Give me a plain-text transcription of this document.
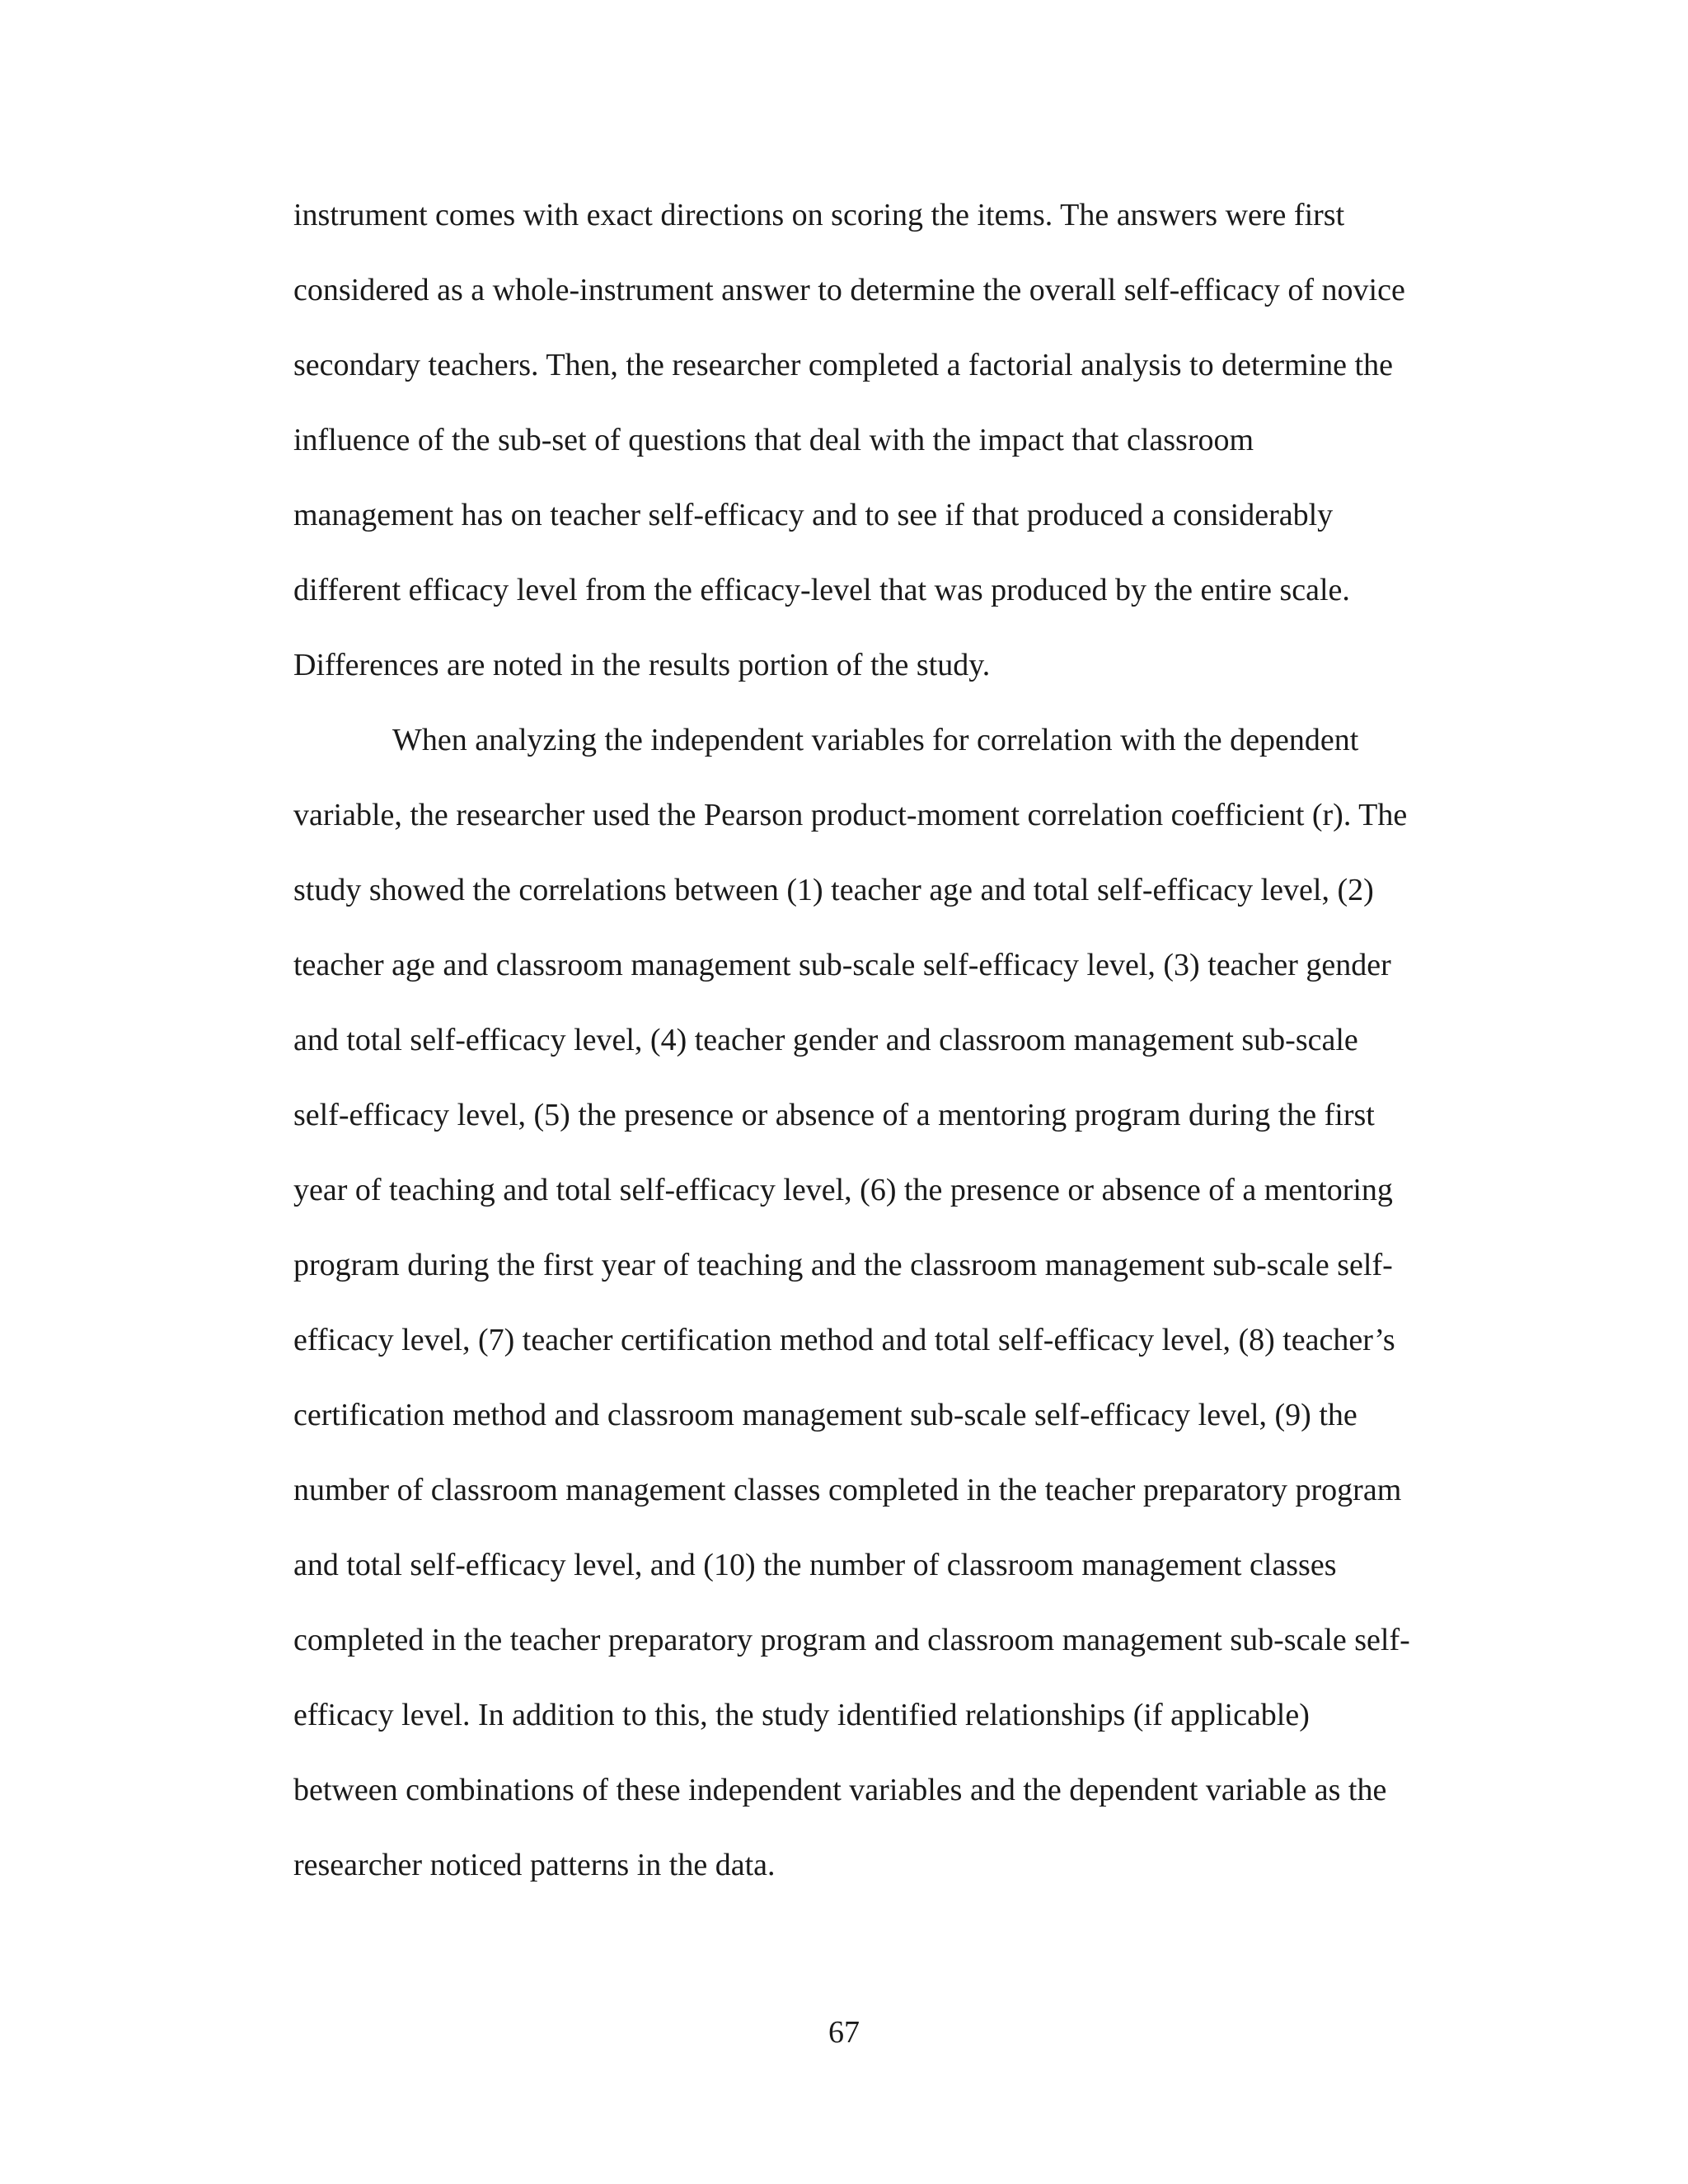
instrument comes with exact directions on scoring the items. The answers were first
considered as a whole-instrument answer to determine the overall self-efficacy of novice
secondary teachers. Then, the researcher completed a factorial analysis to determine the
influence of the sub-set of questions that deal with the impact that classroom
management has on teacher self-efficacy and to see if that produced a considerably
different efficacy level from the efficacy-level that was produced by the entire scale.
Differences are noted in the results portion of the study.
When analyzing the independent variables for correlation with the dependent
variable, the researcher used the Pearson product-moment correlation coefficient (r). The
study showed the correlations between (1) teacher age and total self-efficacy level, (2)
teacher age and classroom management sub-scale self-efficacy level, (3) teacher gender
and total self-efficacy level, (4) teacher gender and classroom management sub-scale
self-efficacy level, (5) the presence or absence of a mentoring program during the first
year of teaching and total self-efficacy level, (6) the presence or absence of a mentoring
program during the first year of teaching and the classroom management sub-scale self-
efficacy level, (7) teacher certification method and total self-efficacy level, (8) teacher’s
certification method and classroom management sub-scale self-efficacy level, (9) the
number of classroom management classes completed in the teacher preparatory program
and total self-efficacy level, and (10) the number of classroom management classes
completed in the teacher preparatory program and classroom management sub-scale self-
efficacy level. In addition to this, the study identified relationships (if applicable)
between combinations of these independent variables and the dependent variable as the
researcher noticed patterns in the data.
67
